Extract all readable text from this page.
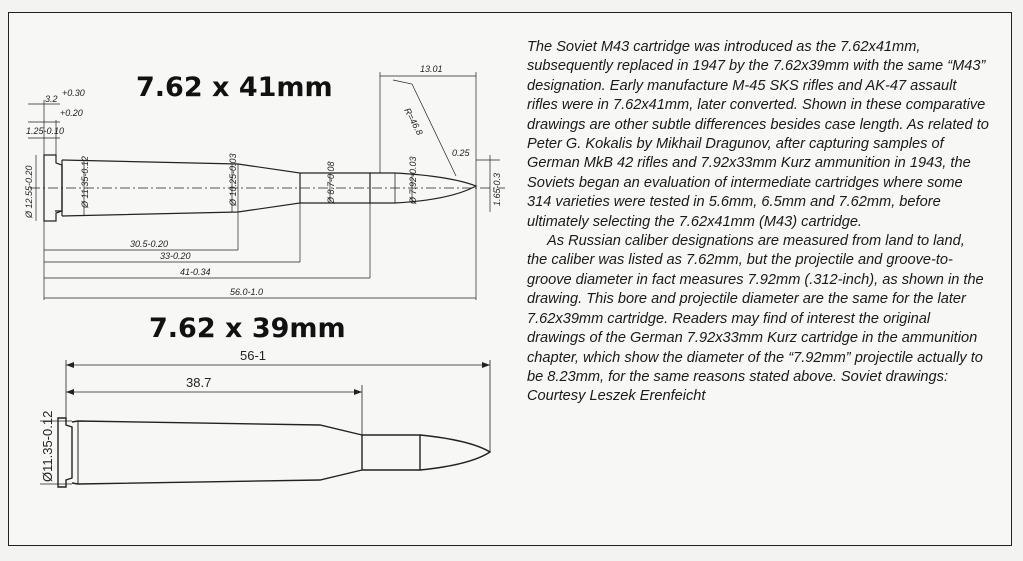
3.2
+0.30
+0.20
1.25-0.10
13.01
R=46.8
0.25
Ø 12.55-0.20	Ø 11.35-0.12	Ø 10.25-0.03	Ø 8.7-0.08	Ø 7.92-0.03	1.65-0.3
30.5-0.20
33-0.20
41-0.34
56.0-1.0
56-1
38.7
Ø11.35-0.12
7.62 x 41mm
7.62 x 39mm

The Soviet M43 cartridge was introduced as the 7.62x41mm, subsequently replaced in 1947 by the 7.62x39mm with the same “M43” designation. Early manufacture M-45 SKS rifles and AK-47 assault rifles were in 7.62x41mm, later converted. Shown in these comparative drawings are other subtle differences besides case length. As related to Peter G. Kokalis by Mikhail Dragunov, after capturing samples of German MkB 42 rifles and 7.92x33mm Kurz ammunition in 1943, the Soviets began an evaluation of intermediate cartridges where some 314 varieties were tested in 5.6mm, 6.5mm and 7.62mm, before ultimately selecting the 7.62x41mm (M43) cartridge.

As Russian caliber designations are measured from land to land, the caliber was listed as 7.62mm, but the projectile and groove-to-groove diameter in fact measures 7.92mm (.312-inch), as shown in the drawing. This bore and projectile diameter are the same for the later 7.62x39mm cartridge. Readers may find of interest the original drawings of the German 7.92x33mm Kurz cartridge in the ammunition chapter, which show the diameter of the “7.92mm” projectile actually to be 8.23mm, for the same reasons stated above. Soviet drawings: Courtesy Leszek Erenfeicht
